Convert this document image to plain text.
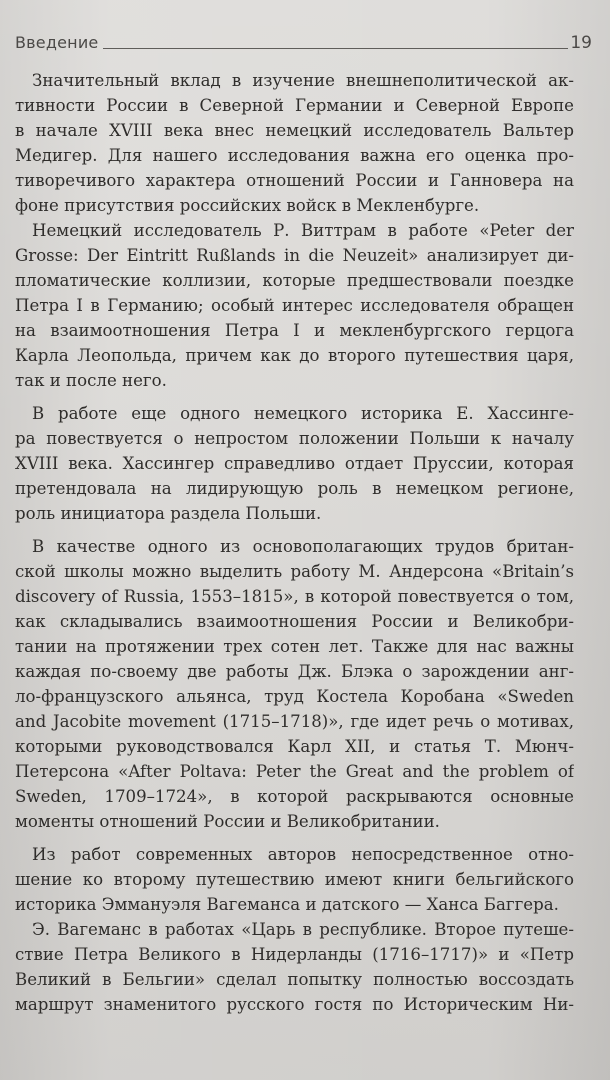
Введение	19
Значительный вклад в изучение внешнеполитической ак-
тивности России в Северной Германии и Северной Европе
в начале XVIII века внес немецкий исследователь Вальтер
Медигер. Для нашего исследования важна его оценка про-
тиворечивого характера отношений России и Ганновера на
фоне присутствия российских войск в Мекленбурге.
Немецкий исследователь Р. Виттрам в работе «Peter der
Grosse: Der Eintritt Rußlands in die Neuzeit» анализирует ди-
пломатические коллизии, которые предшествовали поездке
Петра I в Германию; особый интерес исследователя обращен
на взаимоотношения Петра I и мекленбургского герцога
Карла Леопольда, причем как до второго путешествия царя,
так и после него.
В работе еще одного немецкого историка Е. Хассинге-
ра повествуется о непростом положении Польши к началу
XVIII века. Хассингер справедливо отдает Пруссии, которая
претендовала на лидирующую роль в немецком регионе,
роль инициатора раздела Польши.
В качестве одного из основополагающих трудов британ-
ской школы можно выделить работу М. Андерсона «Britain’s
discovery of Russia, 1553–1815», в которой повествуется о том,
как складывались взаимоотношения России и Великобри-
тании на протяжении трех сотен лет. Также для нас важны
каждая по-своему две работы Дж. Блэка о зарождении анг-
ло-французского альянса, труд Костела Коробана «Sweden
and Jacobite movement (1715–1718)», где идет речь о мотивах,
которыми руководствовался Карл XII, и статья Т. Мюнч-
Петерсона «After Poltava: Peter the Great and the problem of
Sweden, 1709–1724», в которой раскрываются основные
моменты отношений России и Великобритании.
Из работ современных авторов непосредственное отно-
шение ко второму путешествию имеют книги бельгийского
историка Эммануэля Вагеманса и датского — Ханса Баггера.
Э. Вагеманс в работах «Царь в республике. Второе путеше-
ствие Петра Великого в Нидерланды (1716–1717)» и «Петр
Великий в Бельгии» сделал попытку полностью воссоздать
маршрут знаменитого русского гостя по Историческим Ни-
